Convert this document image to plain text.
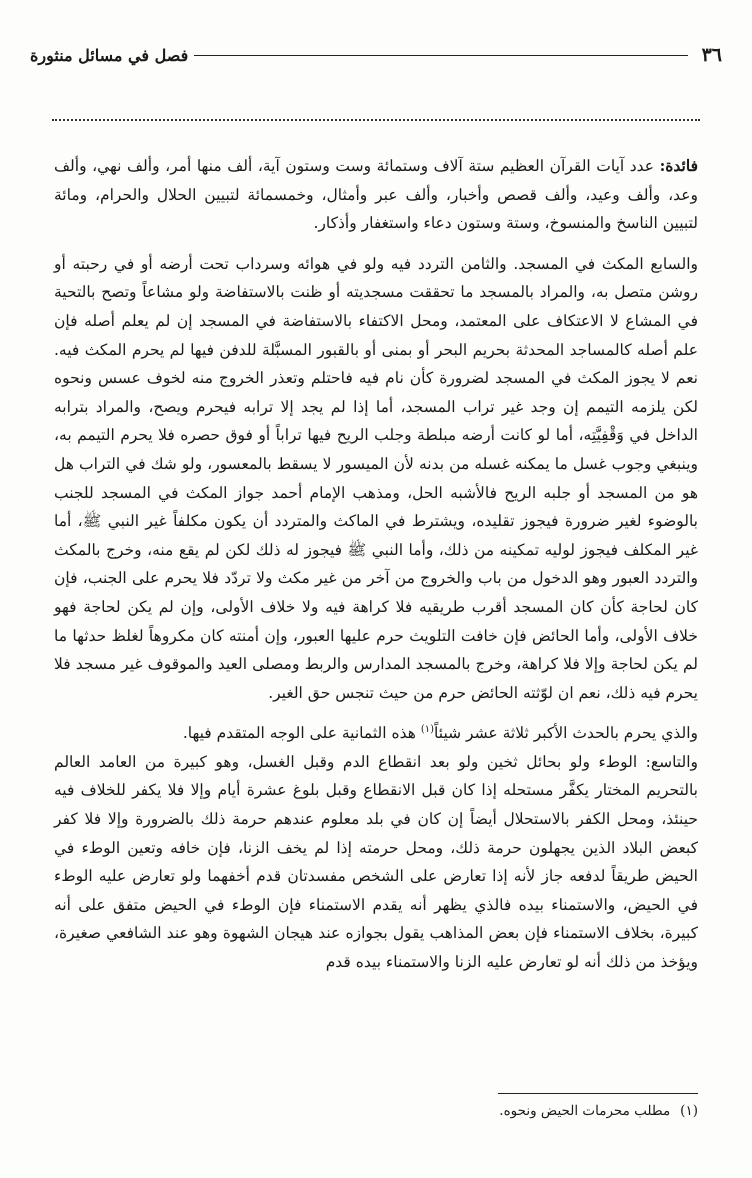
٣٦
فصل في مسائل منثورة

فائدة: عدد آيات القرآن العظيم ستة آلاف وستمائة وست وستون آية، ألف منها أمر، وألف نهي، وألف وعد، وألف وعيد، وألف قصص وأخبار، وألف عبر وأمثال، وخمسمائة لتبيين الحلال والحرام، ومائة لتبيين الناسخ والمنسوخ، وستة وستون دعاء واستغفار وأذكار.

والسابع المكث في المسجد. والثامن التردد فيه ولو في هوائه وسرداب تحت أرضه أو في رحبته أو روشن متصل به، والمراد بالمسجد ما تحققت مسجديته أو ظنت بالاستفاضة ولو مشاعاً وتصح بالتحية في المشاع لا الاعتكاف على المعتمد، ومحل الاكتفاء بالاستفاضة في المسجد إن لم يعلم أصله فإن علم أصله كالمساجد المحدثة بحريم البحر أو بمنى أو بالقبور المسبَّلة للدفن فيها لم يحرم المكث فيه. نعم لا يجوز المكث في المسجد لضرورة كأن نام فيه فاحتلم وتعذر الخروج منه لخوف عسس ونحوه لكن يلزمه التيمم إن وجد غير تراب المسجد، أما إذا لم يجد إلا ترابه فيحرم ويصح، والمراد بترابه الداخل في وَقْفِيَّتِه، أما لو كانت أرضه مبلطة وجلب الريح فيها تراباً أو فوق حصره فلا يحرم التيمم به، وينبغي وجوب غسل ما يمكنه غسله من بدنه لأن الميسور لا يسقط بالمعسور، ولو شك في التراب هل هو من المسجد أو جلبه الريح فالأشبه الحل، ومذهب الإمام أحمد جواز المكث في المسجد للجنب بالوضوء لغير ضرورة فيجوز تقليده، ويشترط في الماكث والمتردد أن يكون مكلفاً غير النبي ﷺ، أما غير المكلف فيجوز لوليه تمكينه من ذلك، وأما النبي ﷺ فيجوز له ذلك لكن لم يقع منه، وخرج بالمكث والتردد العبور وهو الدخول من باب والخروج من آخر من غير مكث ولا تردّد فلا يحرم على الجنب، فإن كان لحاجة كأن كان المسجد أقرب طريقيه فلا كراهة فيه ولا خلاف الأولى، وإن لم يكن لحاجة فهو خلاف الأولى، وأما الحائض فإن خافت التلويث حرم عليها العبور، وإن أمنته كان مكروهاً لغلظ حدثها ما لم يكن لحاجة وإلا فلا كراهة، وخرج بالمسجد المدارس والربط ومصلى العيد والموقوف غير مسجد فلا يحرم فيه ذلك، نعم ان لوّثته الحائض حرم من حيث تنجس حق الغير.

والذي يحرم بالحدث الأكبر ثلاثة عشر شيئاً$^{(١)}$ هذه الثمانية على الوجه المتقدم فيها.

والتاسع: الوطء ولو بحائل ثخين ولو بعد انقطاع الدم وقبل الغسل، وهو كبيرة من العامد العالم بالتحريم المختار يكفَّر مستحله إذا كان قبل الانقطاع وقبل بلوغ عشرة أيام وإلا فلا يكفر للخلاف فيه حينئذ، ومحل الكفر بالاستحلال أيضاً إن كان في بلد معلوم عندهم حرمة ذلك بالضرورة وإلا فلا كفر كبعض البلاد الذين يجهلون حرمة ذلك، ومحل حرمته إذا لم يخف الزنا، فإن خافه وتعين الوطء في الحيض طريقاً لدفعه جاز لأنه إذا تعارض على الشخص مفسدتان قدم أخفهما ولو تعارض عليه الوطء في الحيض، والاستمناء بيده فالذي يظهر أنه يقدم الاستمناء فإن الوطء في الحيض متفق على أنه كبيرة، بخلاف الاستمناء فإن بعض المذاهب يقول بجوازه عند هيجان الشهوة وهو عند الشافعي صغيرة، ويؤخذ من ذلك أنه لو تعارض عليه الزنا والاستمناء بيده قدم

(١)مطلب محرمات الحيض ونحوه.
